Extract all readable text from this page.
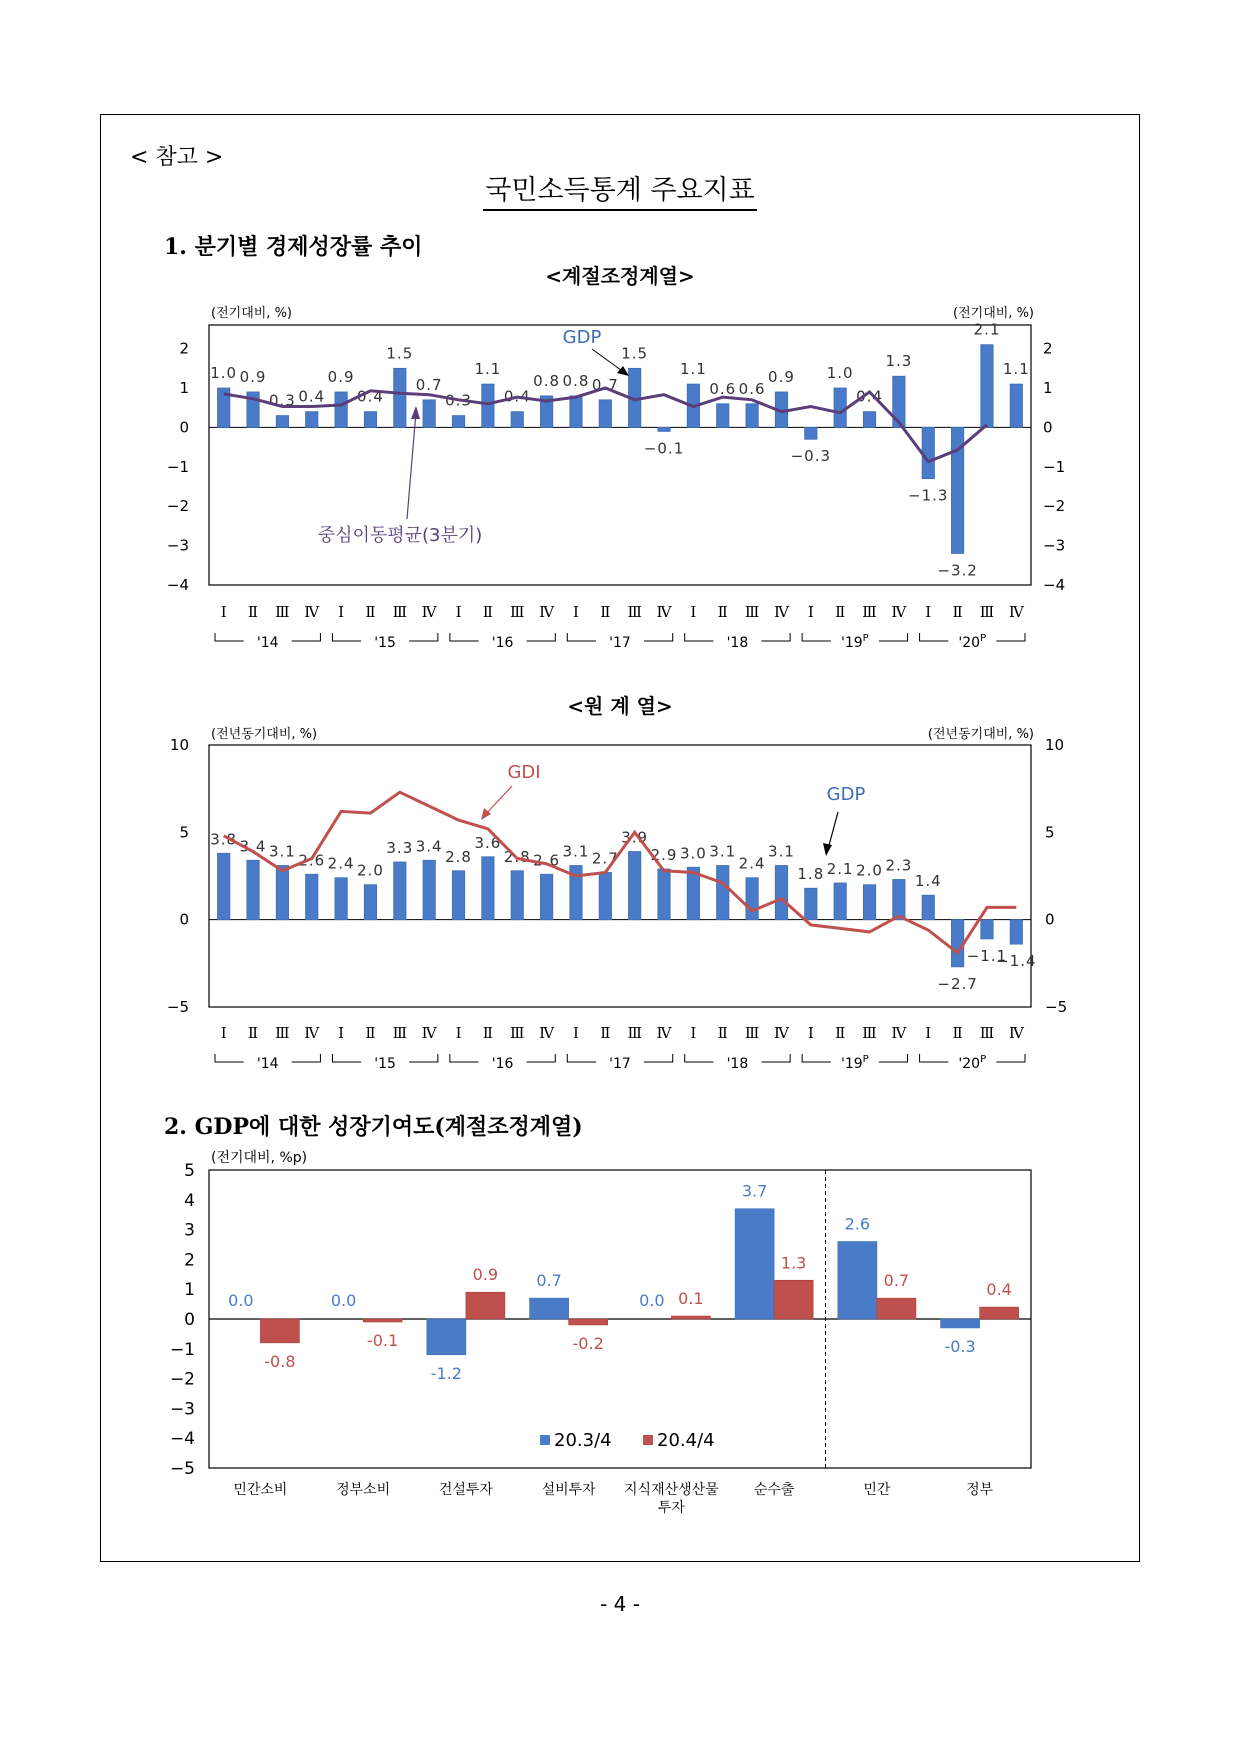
< 참고 >
국민소득통계 주요지표
1. 분기별 경제성장률 추이
<계절조정계열>
<원 계 열>
2. GDP에 대한 성장기여도(계절조정계열)
- 4 -
2	2
1	1
0	0
−1	−1
−2	−2
−3	−3
−4	−4
(전기대비, %)	(전기대비, %)
1.0 0.9
0.3 0.4
0.9
0.4
1.5
0.7
0.3
1.1
0.4
0.8 0.8 0.7
1.5
−0.1
1.1
0.6 0.6
0.9
−0.3
1.0
0.4
1.3
−1.3
−3.2
2.1
1.1
GDP
중심이동평균(3분기)
Ⅰ Ⅱ Ⅲ Ⅳ Ⅰ Ⅱ Ⅲ Ⅳ Ⅰ Ⅱ Ⅲ Ⅳ Ⅰ Ⅱ Ⅲ Ⅳ Ⅰ Ⅱ Ⅲ Ⅳ Ⅰ Ⅱ Ⅲ Ⅳ Ⅰ Ⅱ Ⅲ Ⅳ
'14	'15	'16	'17	'18	'$19^P$	'$20^P$
10	10
5	5
0	0
−5	−5
(전년동기대비, %)	(전년동기대비, %)
3.8 3.4 3.1 2.6 2.4 2.0
3.3 3.4
2.8
3.6
2.8 2.6 3.1 2.7
3.9
2.9 3.0 3.1
2.4
3.1
1.8 2.1 2.0 2.3
1.4
−2.7
−1.1
−1.4
GDI
GDP
Ⅰ Ⅱ Ⅲ Ⅳ Ⅰ Ⅱ Ⅲ Ⅳ Ⅰ Ⅱ Ⅲ Ⅳ Ⅰ Ⅱ Ⅲ Ⅳ Ⅰ Ⅱ Ⅲ Ⅳ Ⅰ Ⅱ Ⅲ Ⅳ Ⅰ Ⅱ Ⅲ Ⅳ
'14	'15	'16	'17	'18	'$19^P$	'$20^P$
5
4
3
2
1
0
−1
−2
−3
−4
−5
(전기대비, %p)
0.0	0.0
-1.2
0.7
0.0
3.7
2.6
-0.3
-0.8
-0.1
0.9
-0.2
0.1
1.3
0.7	0.4
민간소비	정부소비	건설투자	설비투자 지식재산생산물
투자
순수출	민간	정부
20.3/4	20.4/4
